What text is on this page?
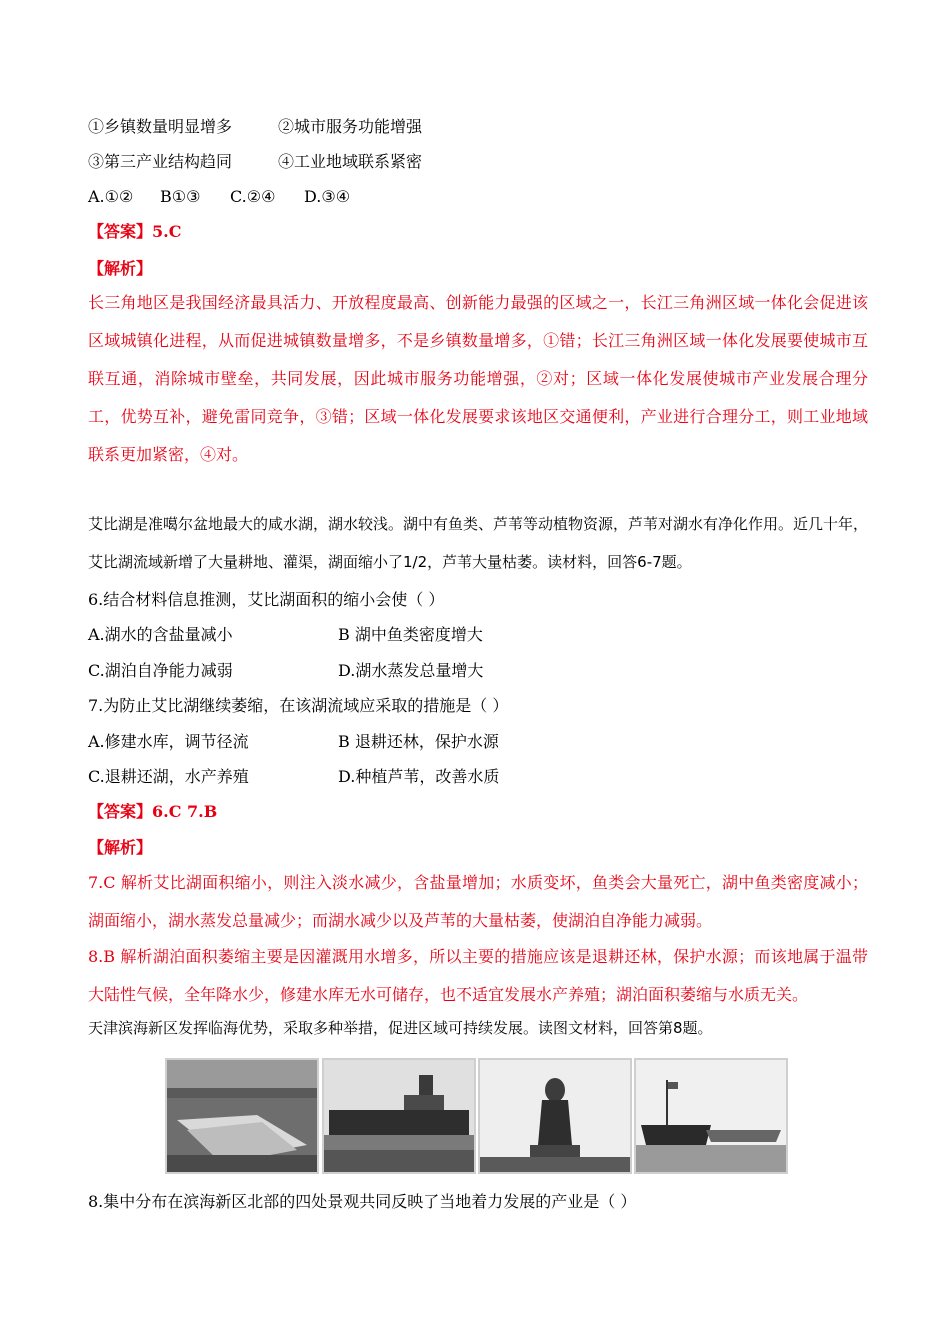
①乡镇数量明显增多	②城市服务功能增强
③第三产业结构趋同	④工业地域联系紧密
A.①② B①③ C.②④ D.③④
【答案】5.C
【解析】
长三角地区是我国经济最具活力、开放程度最高、创新能力最强的区域之一，长江三角洲区域一体化会促进该区域城镇化进程，从而促进城镇数量增多，不是乡镇数量增多，①错；长江三角洲区域一体化发展要使城市互联互通，消除城市壁垒，共同发展，因此城市服务功能增强，②对；区域一体化发展使城市产业发展合理分工，优势互补，避免雷同竞争，③错；区域一体化发展要求该地区交通便利，产业进行合理分工，则工业地域联系更加紧密，④对。
艾比湖是准噶尔盆地最大的咸水湖，湖水较浅。湖中有鱼类、芦苇等动植物资源，芦苇对湖水有净化作用。近几十年，艾比湖流域新增了大量耕地、灌渠，湖面缩小了1/2，芦苇大量枯萎。读材料，回答6-7题。
6.结合材料信息推测，艾比湖面积的缩小会使（ ）
A.湖水的含盐量减小	B 湖中鱼类密度增大
C.湖泊自净能力减弱	D.湖水蒸发总量增大
7.为防止艾比湖继续萎缩，在该湖流域应采取的措施是（ ）
A.修建水库，调节径流	B 退耕还林，保护水源
C.退耕还湖，水产养殖	D.种植芦苇，改善水质
【答案】6.C 7.B
【解析】
7.C 解析艾比湖面积缩小，则注入淡水减少，含盐量增加；水质变坏，鱼类会大量死亡，湖中鱼类密度减小；湖面缩小，湖水蒸发总量减少；而湖水减少以及芦苇的大量枯萎，使湖泊自净能力减弱。
8.B 解析湖泊面积萎缩主要是因灌溉用水增多，所以主要的措施应该是退耕还林，保护水源；而该地属于温带大陆性气候，全年降水少，修建水库无水可储存，也不适宜发展水产养殖；湖泊面积萎缩与水质无关。
天津滨海新区发挥临海优势，采取多种举措，促进区域可持续发展。读图文材料，回答第8题。
8.集中分布在滨海新区北部的四处景观共同反映了当地着力发展的产业是（ ）
